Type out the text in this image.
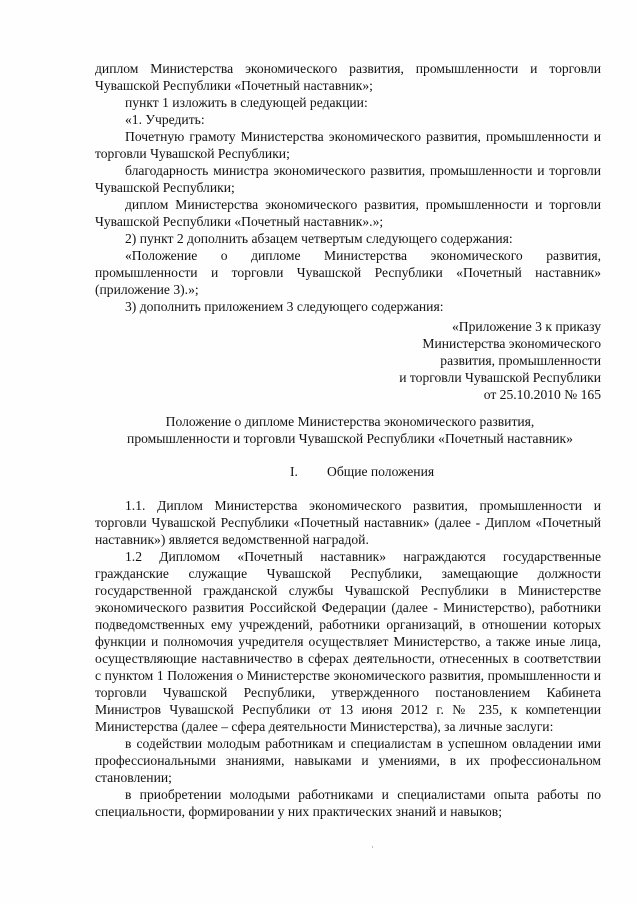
диплом Министерства экономического развития, промышленности и торговли Чувашской Республики «Почетный наставник»;

пункт 1 изложить в следующей редакции:

«1. Учредить:

Почетную грамоту Министерства экономического развития, промышленности и торговли Чувашской Республики;

благодарность министра экономического развития, промышленности и торговли Чувашской Республики;

диплом Министерства экономического развития, промышленности и торговли Чувашской Республики «Почетный наставник».»;

2) пункт 2 дополнить абзацем четвертым следующего содержания:

«Положение о дипломе Министерства экономического развития, промышленности и торговли Чувашской Республики «Почетный наставник» (приложение 3).»;

3) дополнить приложением 3 следующего содержания:

«Приложение 3 к приказу
Министерства экономического
развития, промышленности
и торговли Чувашской Республики
от 25.10.2010 № 165
Положение о дипломе Министерства экономического развития,
промышленности и торговли Чувашской Республики «Почетный наставник»
I. Общие положения

1.1. Диплом Министерства экономического развития, промышленности и торговли Чувашской Республики «Почетный наставник» (далее - Диплом «Почетный наставник») является ведомственной наградой.

1.2 Дипломом «Почетный наставник» награждаются государственные гражданские служащие Чувашской Республики, замещающие должности государственной гражданской службы Чувашской Республики в Министерстве экономического развития Российской Федерации (далее - Министерство), работники подведомственных ему учреждений, работники организаций, в отношении которых функции и полномочия учредителя осуществляет Министерство, а также иные лица, осуществляющие наставничество в сферах деятельности, отнесенных в соответствии с пунктом 1 Положения о Министерстве экономического развития, промышленности и торговли Чувашской Республики, утвержденного постановлением Кабинета Министров Чувашской Республики от 13 июня 2012 г. № 235, к компетенции Министерства (далее – сфера деятельности Министерства), за личные заслуги:

в содействии молодым работникам и специалистам в успешном овладении ими профессиональными знаниями, навыками и умениями, в их профессиональном становлении;

в приобретении молодыми работниками и специалистами опыта работы по специальности, формировании у них практических знаний и навыков;
